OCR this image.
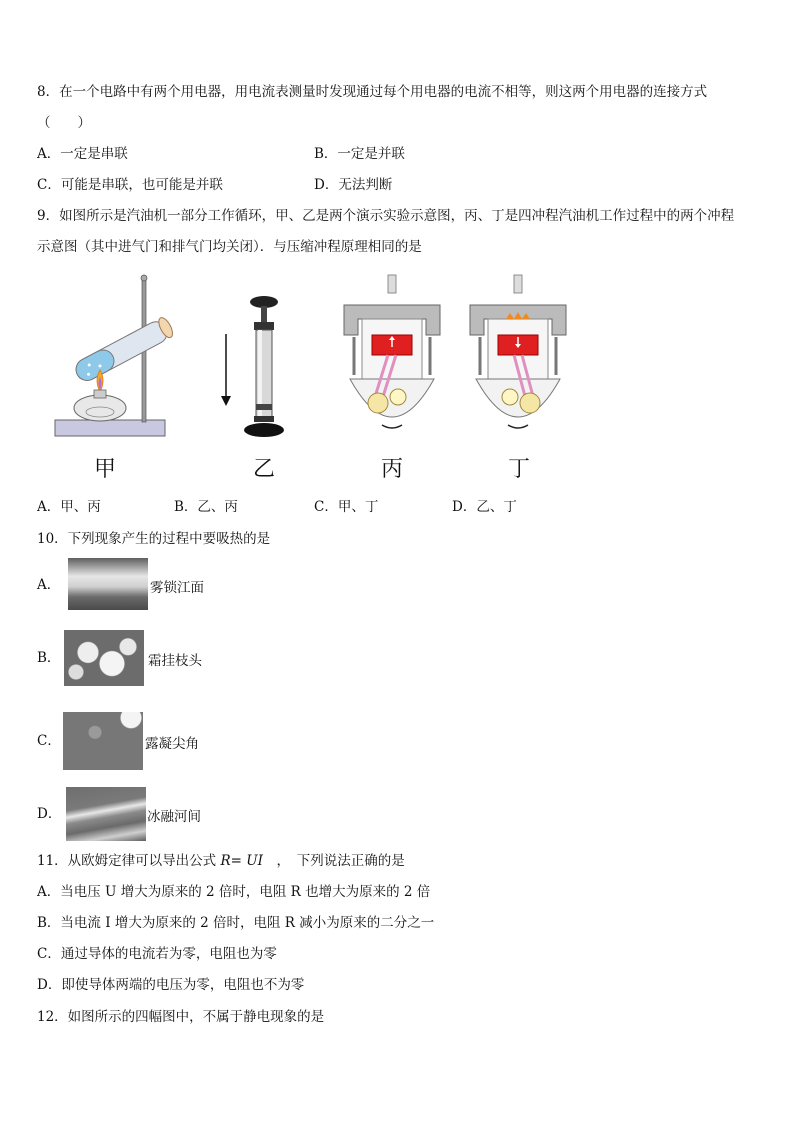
8．在一个电路中有两个用电器，用电流表测量时发现通过每个用电器的电流不相等，则这两个用电器的连接方式
（　　）
A．一定是串联	B．一定是并联
C．可能是串联，也可能是并联	D．无法判断
9．如图所示是汽油机一部分工作循环，甲、乙是两个演示实验示意图，丙、丁是四冲程汽油机工作过程中的两个冲程
示意图（其中进气门和排气门均关闭）．与压缩冲程原理相同的是
甲	乙	丙	丁
A．甲、丙	B．乙、丙	C．甲、丁	D．乙、丁
10．下列现象产生的过程中要吸热的是
A．	雾锁江面
B．	霜挂枝头
C．	露凝尖角
D．	冰融河间
11．从欧姆定律可以导出公式 R= UI　，　下列说法正确的是
A．当电压 U 增大为原来的 2 倍时，电阻 R 也增大为原来的 2 倍
B．当电流 I 增大为原来的 2 倍时，电阻 R 减小为原来的二分之一
C．通过导体的电流若为零，电阻也为零
D．即使导体两端的电压为零，电阻也不为零
12．如图所示的四幅图中，不属于静电现象的是
